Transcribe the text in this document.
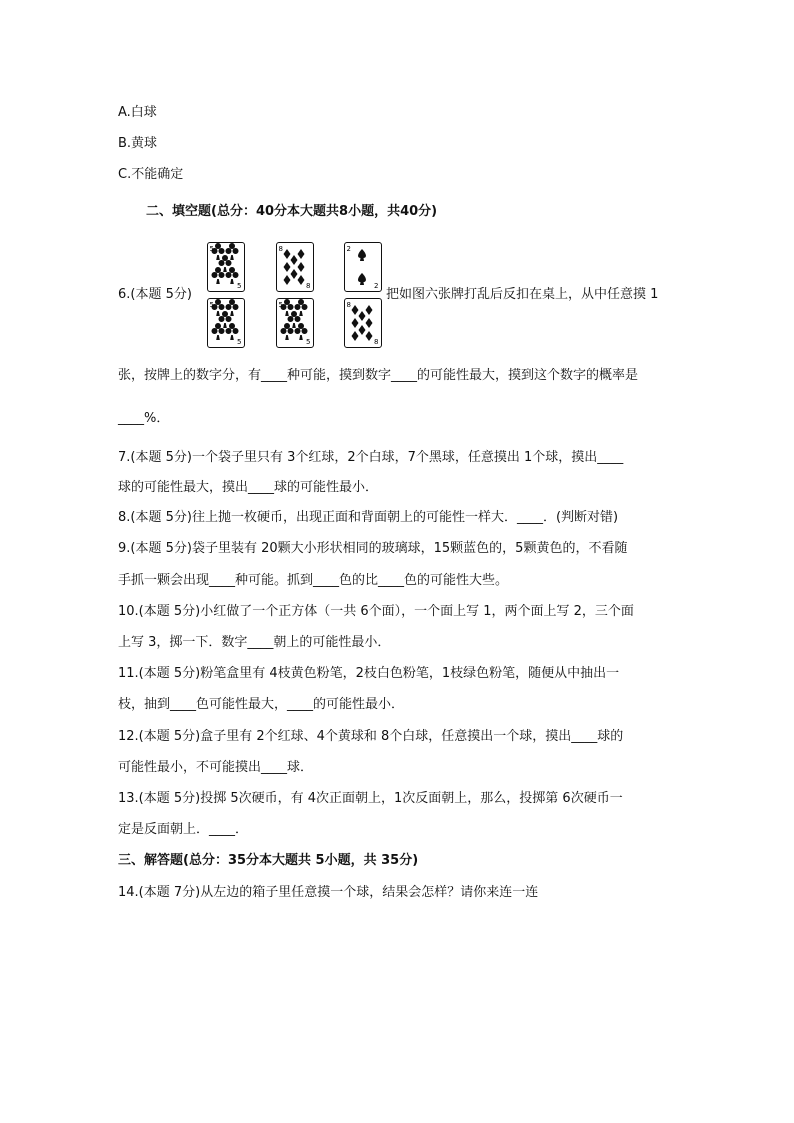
A.白球
B.黄球
C.不能确定
二、填空题(总分：40分本大题共8小题，共40分)
6.(本题 5分)
5
5
8
8
2
2
5
5
5
5
8
8
把如图六张牌打乱后反扣在桌上，从中任意摸 1
张，按牌上的数字分，有____种可能，摸到数字____的可能性最大，摸到这个数字的概率是
____%．
7.(本题 5分)一个袋子里只有 3个红球，2个白球，7个黑球，任意摸出 1个球，摸出____
球的可能性最大，摸出____球的可能性最小．
8.(本题 5分)往上抛一枚硬币，出现正面和背面朝上的可能性一样大．____．(判断对错)
9.(本题 5分)袋子里装有 20颗大小形状相同的玻璃球，15颗蓝色的，5颗黄色的，不看随
手抓一颗会出现____种可能。抓到____色的比____色的可能性大些。
10.(本题 5分)小红做了一个正方体（一共 6个面），一个面上写 1，两个面上写 2，三个面
上写 3，掷一下．数字____朝上的可能性最小．
11.(本题 5分)粉笔盒里有 4枝黄色粉笔，2枝白色粉笔，1枝绿色粉笔，随便从中抽出一
枝，抽到____色可能性最大，____的可能性最小．
12.(本题 5分)盒子里有 2个红球、4个黄球和 8个白球，任意摸出一个球，摸出____球的
可能性最小，不可能摸出____球．
13.(本题 5分)投掷 5次硬币，有 4次正面朝上，1次反面朝上，那么，投掷第 6次硬币一
定是反面朝上．____．
三、解答题(总分：35分本大题共 5小题，共 35分)
14.(本题 7分)从左边的箱子里任意摸一个球，结果会怎样？请你来连一连
